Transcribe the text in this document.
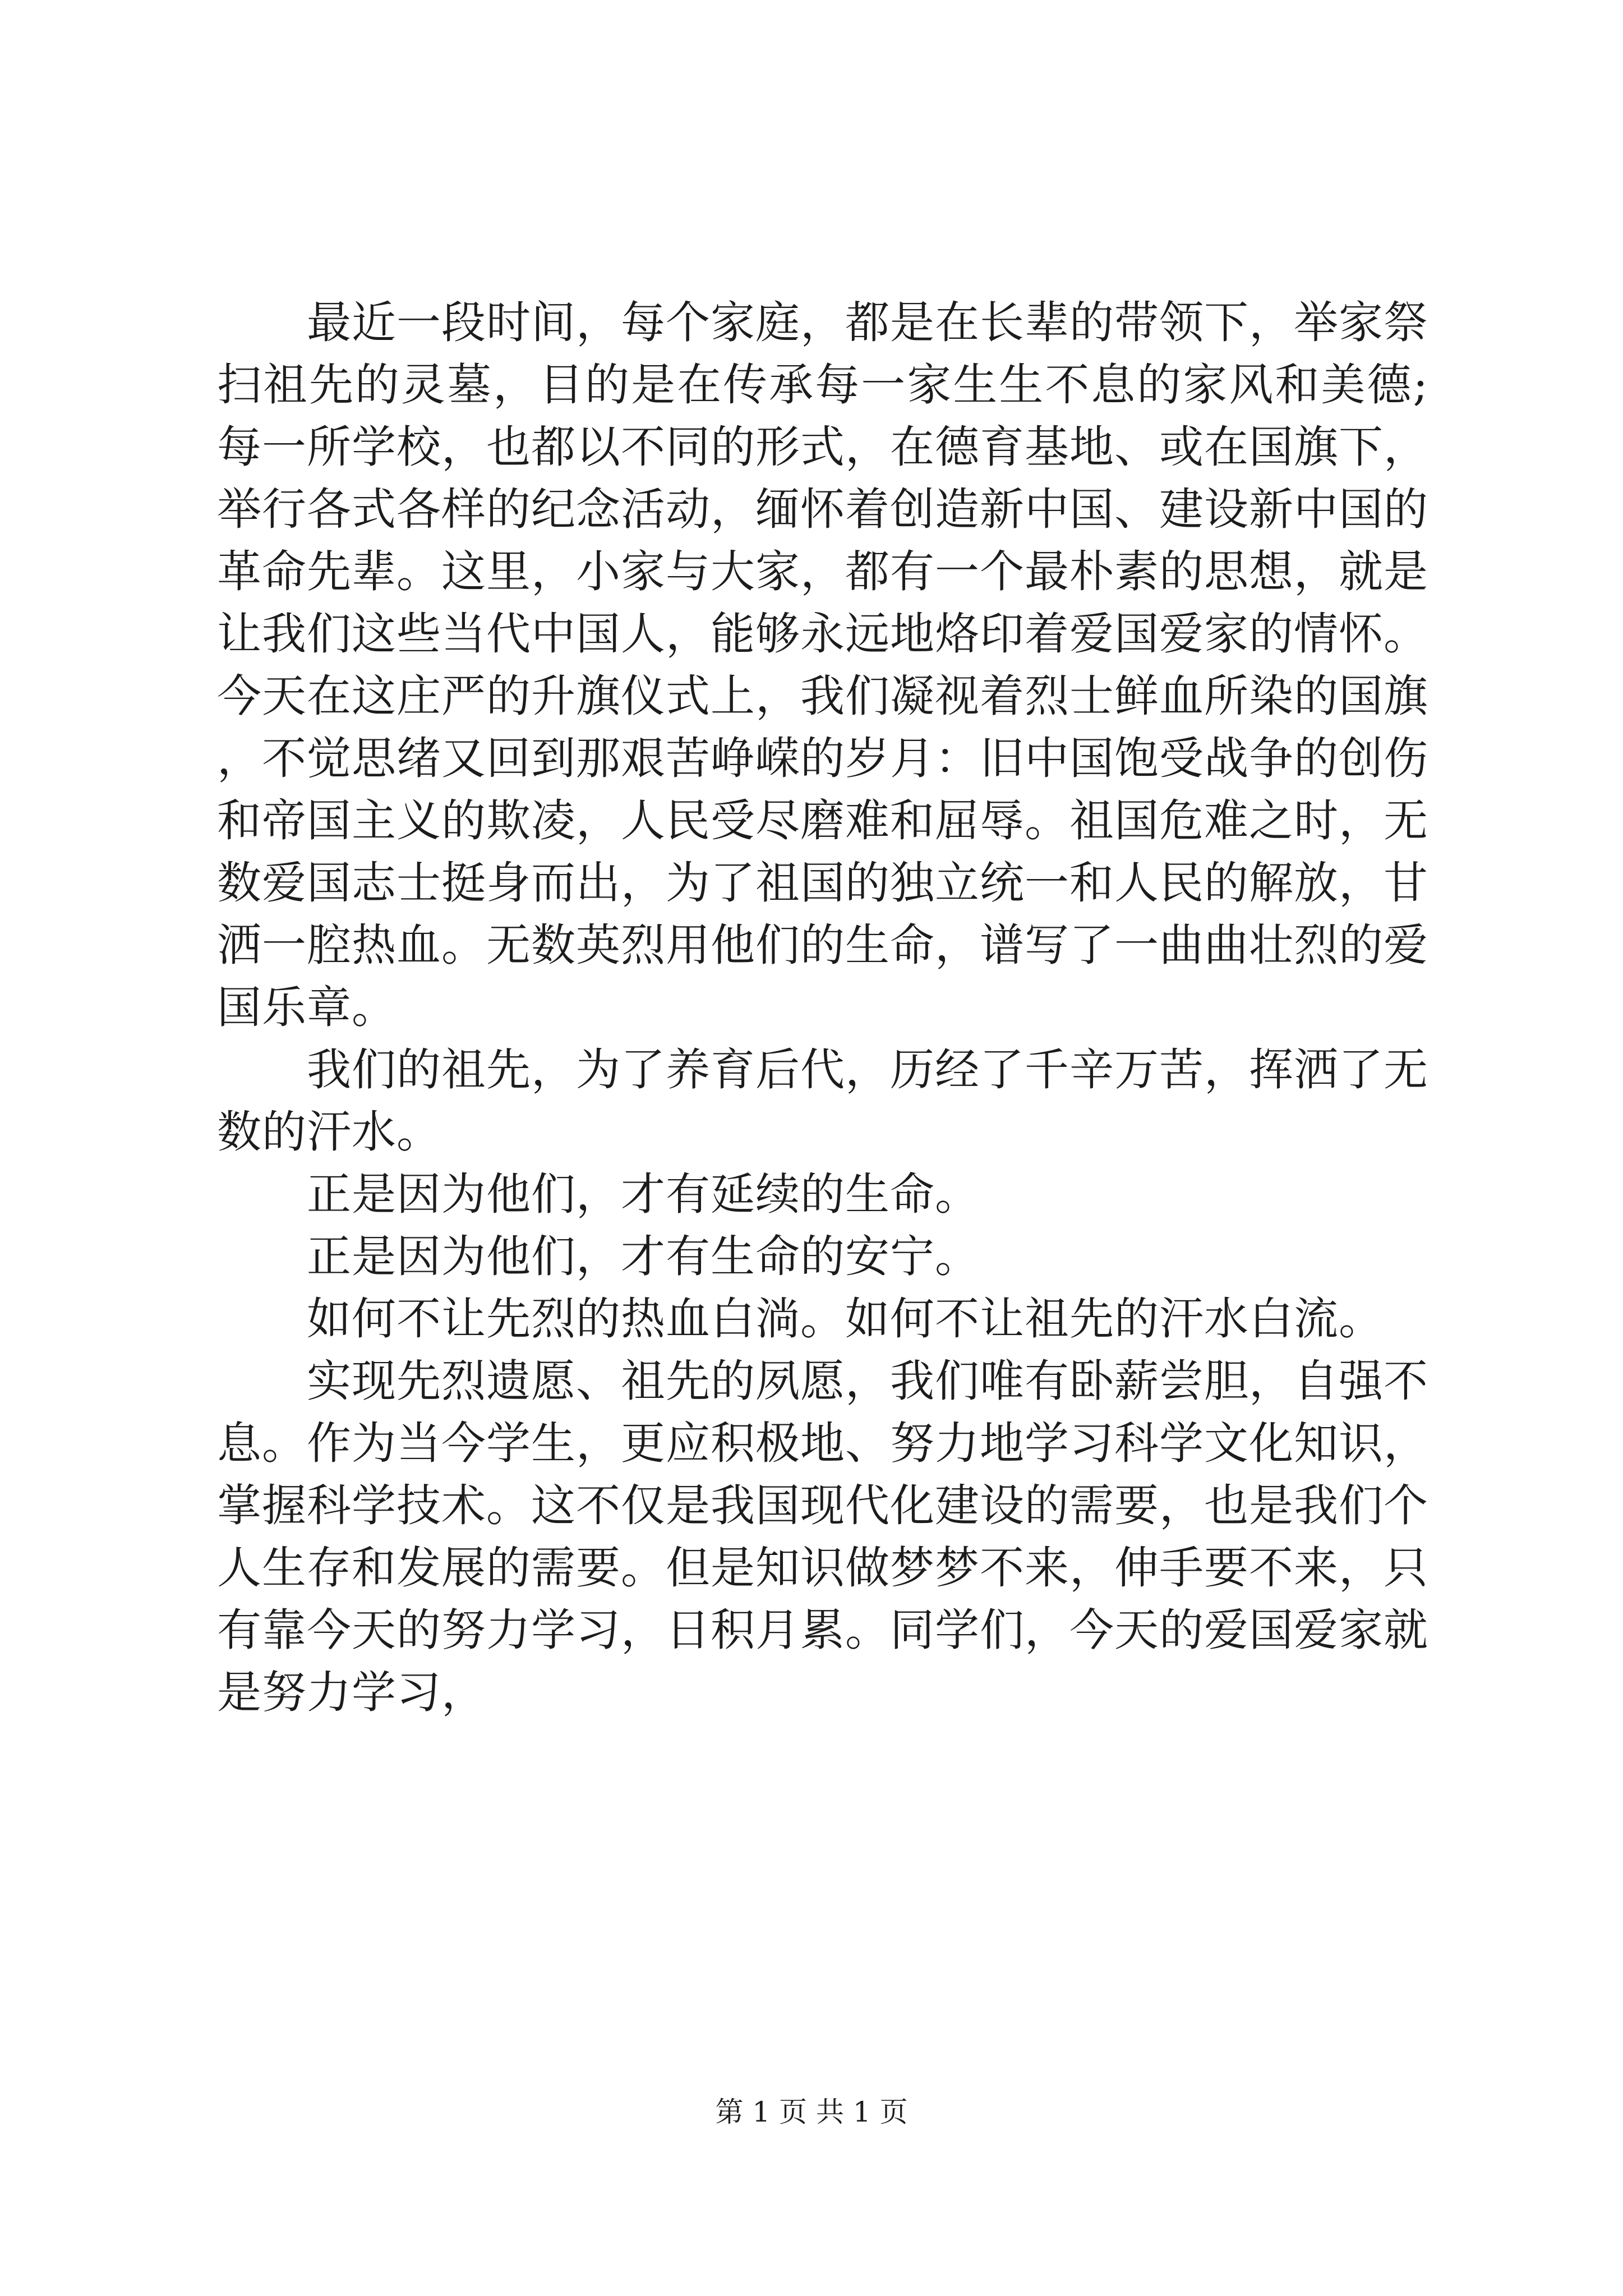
最近一段时间，每个家庭，都是在长辈的带领下，举家祭扫祖先的灵墓，目的是在传承每一家生生不息的家风和美德;每一所学校，也都以不同的形式，在德育基地、或在国旗下，举行各式各样的纪念活动，缅怀着创造新中国、建设新中国的革命先辈。这里，小家与大家，都有一个最朴素的思想，就是让我们这些当代中国人，能够永远地烙印着爱国爱家的情怀。今天在这庄严的升旗仪式上，我们凝视着烈士鲜血所染的国旗，不觉思绪又回到那艰苦峥嵘的岁月：旧中国饱受战争的创伤和帝国主义的欺凌，人民受尽磨难和屈辱。祖国危难之时，无数爱国志士挺身而出，为了祖国的独立统一和人民的解放，甘洒一腔热血。无数英烈用他们的生命，谱写了一曲曲壮烈的爱国乐章。

我们的祖先，为了养育后代，历经了千辛万苦，挥洒了无数的汗水。

正是因为他们，才有延续的生命。

正是因为他们，才有生命的安宁。

如何不让先烈的热血白淌。如何不让祖先的汗水白流。

实现先烈遗愿、祖先的夙愿，我们唯有卧薪尝胆，自强不息。作为当今学生，更应积极地、努力地学习科学文化知识，掌握科学技术。这不仅是我国现代化建设的需要，也是我们个人生存和发展的需要。但是知识做梦梦不来，伸手要不来，只有靠今天的努力学习，日积月累。同学们，今天的爱国爱家就是努力学习，

第 1 页 共 1 页
